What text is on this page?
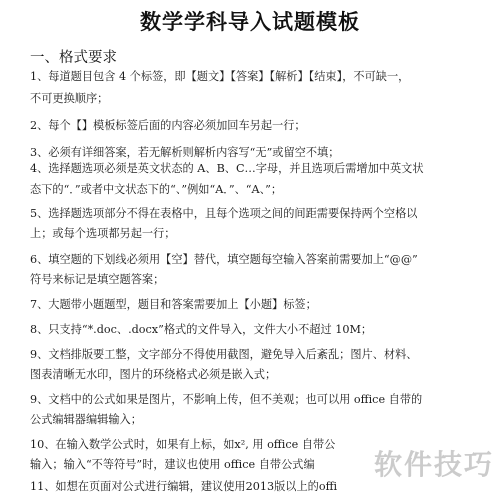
数学学科导入试题模板
一、格式要求
1、每道题目包含 4 个标签，即【题文】【答案】【解析】【结束】，不可缺一，
不可更换顺序；
2、每个【】模板标签后面的内容必须加回车另起一行；
3、必须有详细答案，若无解析则解析内容写“无”或留空不填；
4、选择题选项必须是英文状态的 A、B、C…字母，并且选项后需增加中英文状
态下的“．”或者中文状态下的“、”例如“A．”、“A、”；
5、选择题选项部分不得在表格中，且每个选项之间的间距需要保持两个空格以
上；或每个选项都另起一行；
6、填空题的下划线必须用【空】替代，填空题每空输入答案前需要加上“@@”
符号来标记是填空题答案；
7、大题带小题题型，题目和答案需要加上【小题】标签；
8、只支持“*.doc、.docx”格式的文件导入，文件大小不超过 10M；
9、文档排版要工整，文字部分不得使用截图，避免导入后紊乱；图片、材料、
图表清晰无水印，图片的环绕格式必须是嵌入式；
9、文档中的公式如果是图片，不影响上传，但不美观；也可以用 office 自带的
公式编辑器编辑输入；
10、在输入数学公式时，如果有上标，如x², 用 office 自带公
输入；输入“不等符号”时，建议也使用 office 自带公式编
11、如想在页面对公式进行编辑，建议使用2013版以上的offi
软件技巧
